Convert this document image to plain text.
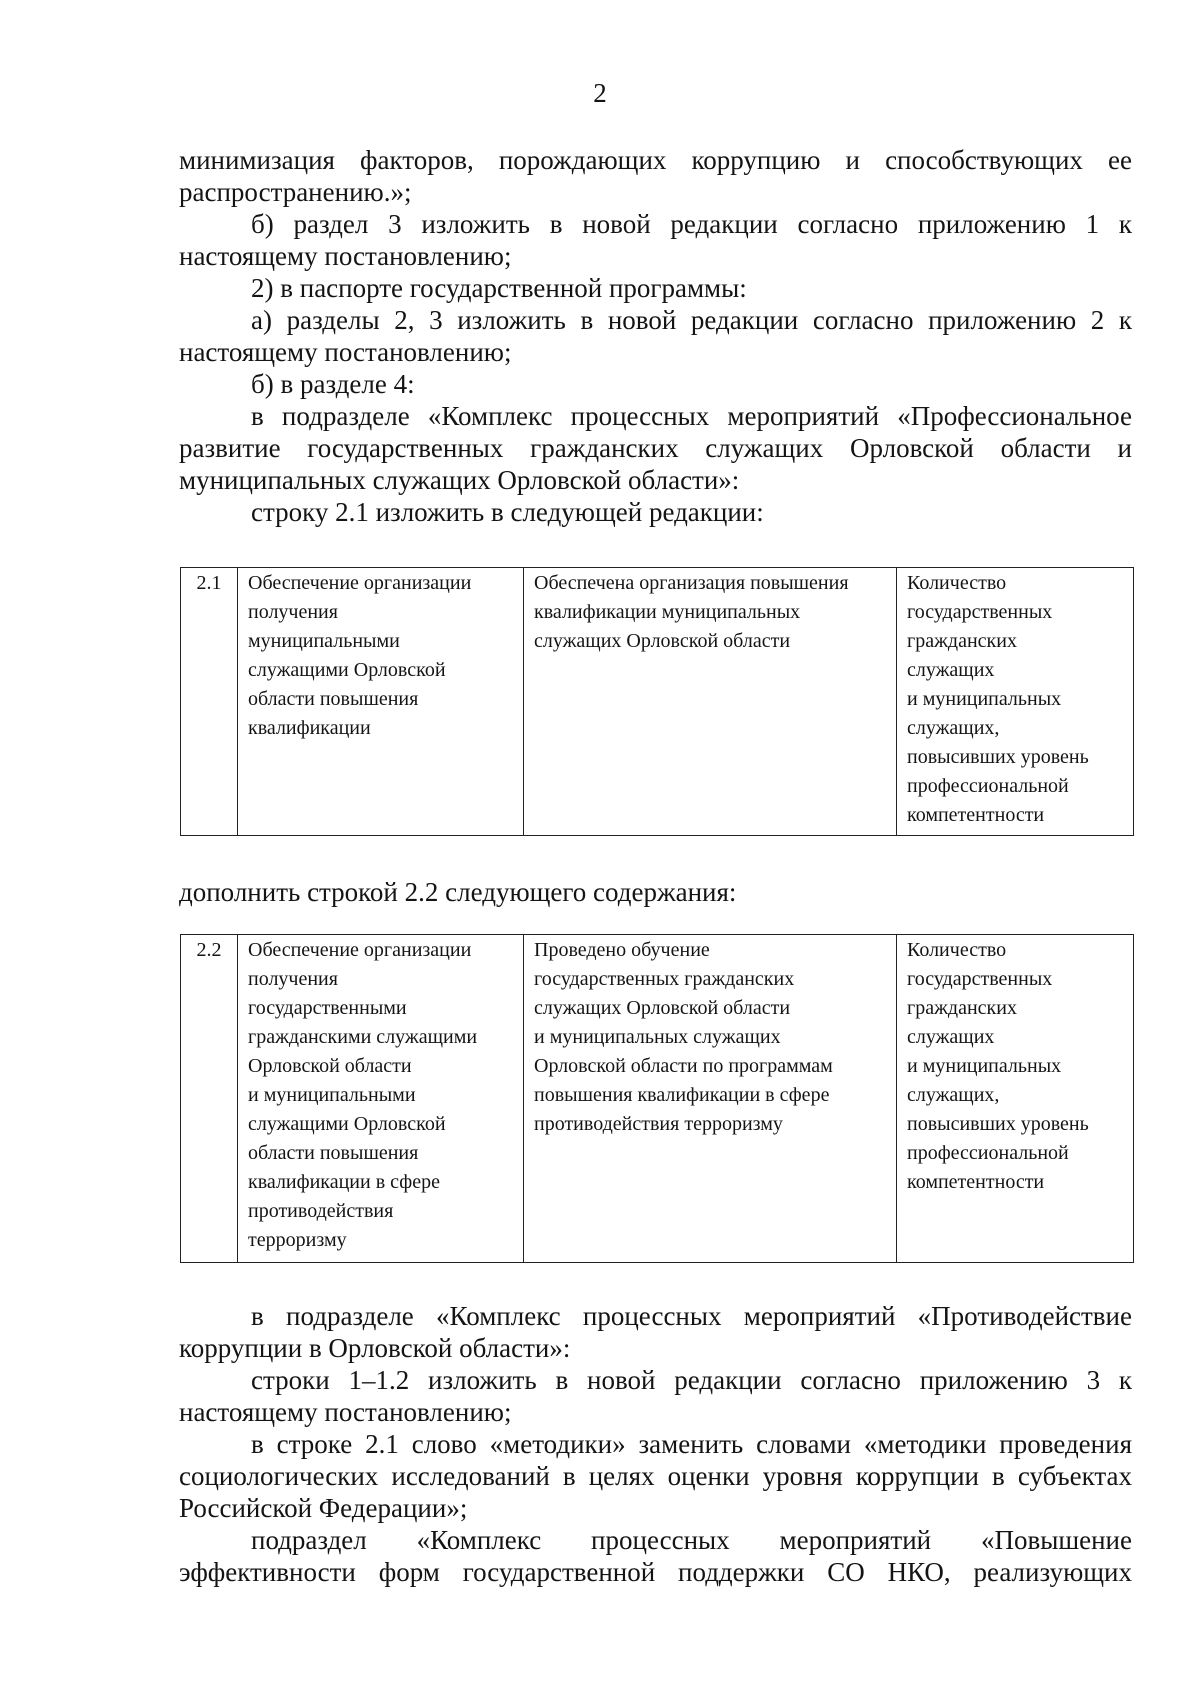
2

минимизация факторов, порождающих коррупцию и способствующих ее распространению.»;

б) раздел 3 изложить в новой редакции согласно приложению 1 к настоящему постановлению;

2) в паспорте государственной программы:

а) разделы 2, 3 изложить в новой редакции согласно приложению 2 к настоящему постановлению;

б) в разделе 4:

в подразделе «Комплекс процессных мероприятий «Профессиональное развитие государственных гражданских служащих Орловской области и муниципальных служащих Орловской области»:

строку 2.1 изложить в следующей редакции:

2.1	Обеспечение организации
получения
муниципальными
служащими Орловской
области повышения
квалификации	Обеспечена организация повышения
квалификации муниципальных
служащих Орловской области	Количество
государственных
гражданских
служащих
и муниципальных
служащих,
повысивших уровень
профессиональной
компетентности

дополнить строкой 2.2 следующего содержания:

2.2	Обеспечение организации
получения
государственными
гражданскими служащими
Орловской области
и муниципальными
служащими Орловской
области повышения
квалификации в сфере
противодействия
терроризму	Проведено обучение
государственных гражданских
служащих Орловской области
и муниципальных служащих
Орловской области по программам
повышения квалификации в сфере
противодействия терроризму	Количество
государственных
гражданских
служащих
и муниципальных
служащих,
повысивших уровень
профессиональной
компетентности

в подразделе «Комплекс процессных мероприятий «Противодействие коррупции в Орловской области»:

строки 1–1.2 изложить в новой редакции согласно приложению 3 к настоящему постановлению;

в строке 2.1 слово «методики» заменить словами «методики проведения социологических исследований в целях оценки уровня коррупции в субъектах Российской Федерации»;

подраздел «Комплекс процессных мероприятий «Повышение эффективности форм государственной поддержки СО НКО, реализующих
